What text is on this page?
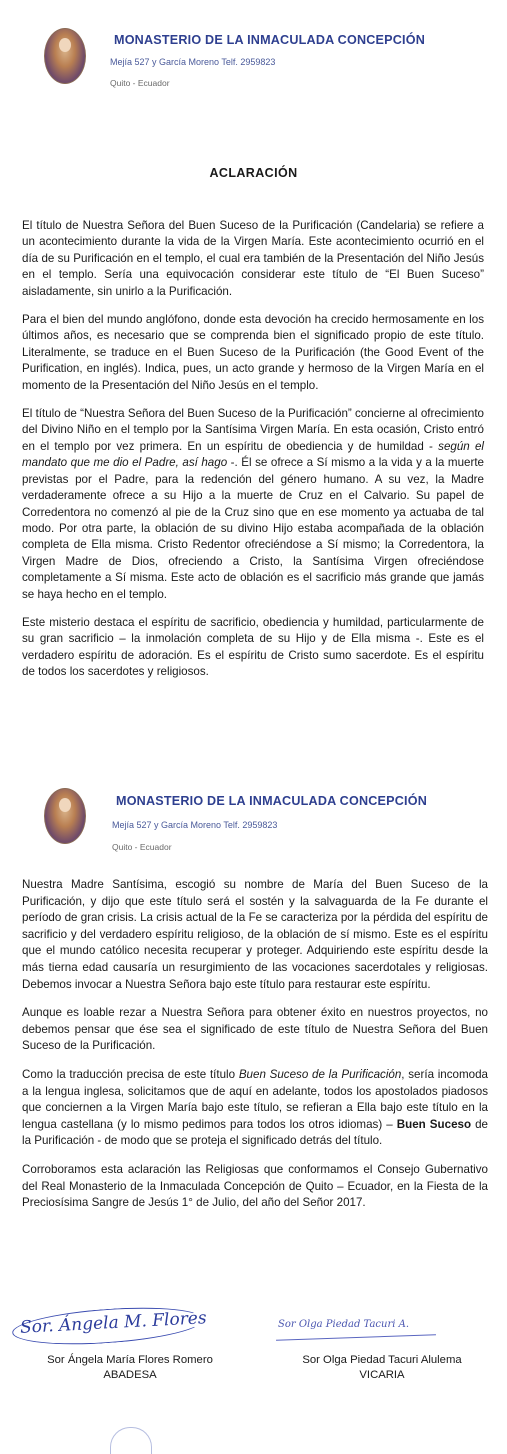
MONASTERIO DE LA INMACULADA CONCEPCIÓN
Mejía 527 y García Moreno Telf. 2959823
Quito - Ecuador
ACLARACIÓN

El título de Nuestra Señora del Buen Suceso de la Purificación (Candelaria) se refiere a un acontecimiento durante la vida de la Virgen María. Este acontecimiento ocurrió en el día de su Purificación en el templo, el cual era también de la Presentación del Niño Jesús en el templo. Sería una equivocación considerar este título de “El Buen Suceso” aisladamente, sin unirlo a la Purificación.

Para el bien del mundo anglófono, donde esta devoción ha crecido hermosamente en los últimos años, es necesario que se comprenda bien el significado propio de este título. Literalmente, se traduce en el Buen Suceso de la Purificación (the Good Event of the Purification, en inglés). Indica, pues, un acto grande y hermoso de la Virgen María en el momento de la Presentación del Niño Jesús en el templo.

El título de “Nuestra Señora del Buen Suceso de la Purificación” concierne al ofrecimiento del Divino Niño en el templo por la Santísima Virgen María. En esta ocasión, Cristo entró en el templo por vez primera. En un espíritu de obediencia y de humildad - según el mandato que me dio el Padre, así hago -. Él se ofrece a Sí mismo a la vida y a la muerte previstas por el Padre, para la redención del género humano. A su vez, la Madre verdaderamente ofrece a su Hijo a la muerte de Cruz en el Calvario. Su papel de Corredentora no comenzó al pie de la Cruz sino que en ese momento ya actuaba de tal modo. Por otra parte, la oblación de su divino Hijo estaba acompañada de la oblación completa de Ella misma. Cristo Redentor ofreciéndose a Sí mismo; la Corredentora, la Virgen Madre de Dios, ofreciendo a Cristo, la Santísima Virgen ofreciéndose completamente a Sí misma. Este acto de oblación es el sacrificio más grande que jamás se haya hecho en el templo.

Este misterio destaca el espíritu de sacrificio, obediencia y humildad, particularmente de su gran sacrificio – la inmolación completa de su Hijo y de Ella misma -. Este es el verdadero espíritu de adoración. Es el espíritu de Cristo sumo sacerdote. Es el espíritu de todos los sacerdotes y religiosos.

MONASTERIO DE LA INMACULADA CONCEPCIÓN
Mejía 527 y García Moreno Telf. 2959823
Quito - Ecuador

Nuestra Madre Santísima, escogió su nombre de María del Buen Suceso de la Purificación, y dijo que este título será el sostén y la salvaguarda de la Fe durante el período de gran crisis. La crisis actual de la Fe se caracteriza por la pérdida del espíritu de sacrificio y del verdadero espíritu religioso, de la oblación de sí mismo. Este es el espíritu que el mundo católico necesita recuperar y proteger. Adquiriendo este espíritu desde la más tierna edad causaría un resurgimiento de las vocaciones sacerdotales y religiosas. Debemos invocar a Nuestra Señora bajo este título para restaurar este espíritu.

Aunque es loable rezar a Nuestra Señora para obtener éxito en nuestros proyectos, no debemos pensar que ése sea el significado de este título de Nuestra Señora del Buen Suceso de la Purificación.

Como la traducción precisa de este título Buen Suceso de la Purificación, sería incomoda a la lengua inglesa, solicitamos que de aquí en adelante, todos los apostolados piadosos que conciernen a la Virgen María bajo este título, se refieran a Ella bajo este título en la lengua castellana (y lo mismo pedimos para todos los otros idiomas) – Buen Suceso de la Purificación - de modo que se proteja el significado detrás del título.

Corroboramos esta aclaración las Religiosas que conformamos el Consejo Gubernativo del Real Monasterio de la Inmaculada Concepción de Quito – Ecuador, en la Fiesta de la Preciosísima Sangre de Jesús 1° de Julio, del año del Señor 2017.

Sor. Ángela M. Flores
Sor Ángela María Flores Romero
ABADESA
Sor Olga Piedad Tacuri A.
Sor Olga Piedad Tacuri Alulema
VICARIA
